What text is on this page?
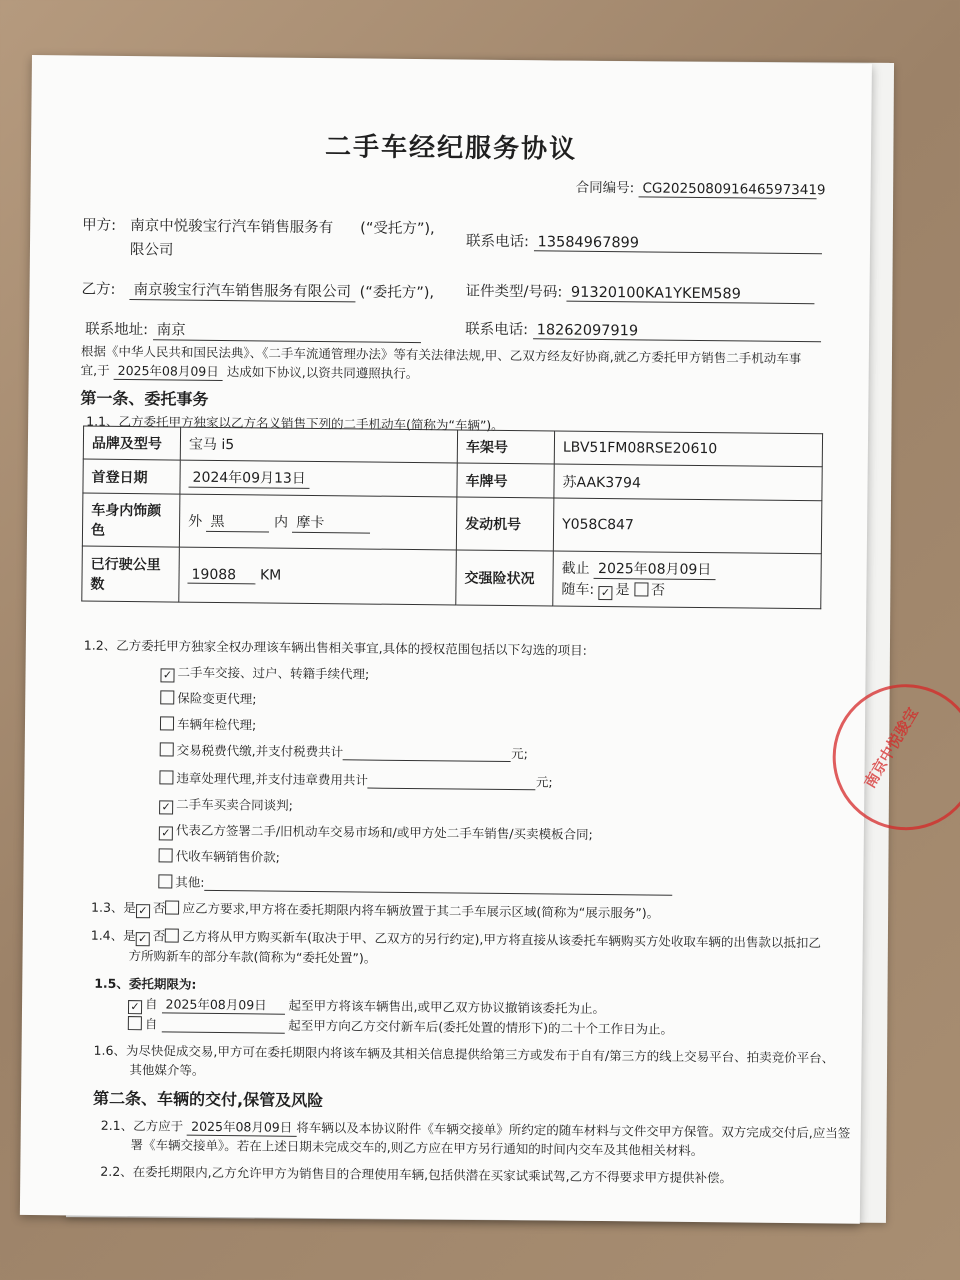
二手车经纪服务协议
合同编号: CG2025080916465973419
甲方: 南京中悦骏宝行汽车销售服务有 (“受托方”),
限公司
联系电话: 13584967899
乙方: 南京骏宝行汽车销售服务有限公司 (“委托方”), 证件类型/号码: 91320100KA1YKEM589
联系地址: 南京	联系电话: 18262097919
根据《中华人民共和国民法典》、《二手车流通管理办法》等有关法律法规,甲、乙双方经友好协商,就乙方委托甲方销售二手机动车事
宜,于 2025年08月09日 达成如下协议,以资共同遵照执行。
第一条、委托事务
1.1、乙方委托甲方独家以乙方名义销售下列的二手机动车(简称为“车辆”)。
品牌及型号	宝马 i5	车架号	LBV51FM08RSE20610
首登日期	2024年09月13日	车牌号	苏AAK3794
车身内饰颜色	外 黑 内 摩卡	发动机号	Y058C847
已行驶公里数	19088 KM	交强险状况	截止 2025年08月09日
随车: ✓ 是 否
1.2、乙方委托甲方独家全权办理该车辆出售相关事宜,具体的授权范围包括以下勾选的项目:
✓ 二手车交接、过户、转籍手续代理;
保险变更代理;
车辆年检代理;
交易税费代缴,并支付税费共计	元;
违章处理代理,并支付违章费用共计	元;
✓ 二手车买卖合同谈判;
✓ 代表乙方签署二手/旧机动车交易市场和/或甲方处二手车销售/买卖模板合同;
代收车辆销售价款;
其他:
1.3、是 ✓ 否 应乙方要求,甲方将在委托期限内将车辆放置于其二手车展示区域(简称为“展示服务”)。
1.4、是 ✓ 否 乙方将从甲方购买新车(取决于甲、乙双方的另行约定),甲方将直接从该委托车辆购买方处收取车辆的出售款以抵扣乙
方所购新车的部分车款(简称为“委托处置”)。
1.5、委托期限为:
✓ 自 2025年08月09日 起至甲方将该车辆售出,或甲乙双方协议撤销该委托为止。
自	起至甲方向乙方交付新车后(委托处置的情形下)的二十个工作日为止。
1.6、为尽快促成交易,甲方可在委托期限内将该车辆及其相关信息提供给第三方或发布于自有/第三方的线上交易平台、拍卖竞价平台、
其他媒介等。
第二条、车辆的交付,保管及风险
2.1、乙方应于 2025年08月09日 将车辆以及本协议附件《车辆交接单》所约定的随车材料与文件交甲方保管。双方完成交付后,应当签
署《车辆交接单》。若在上述日期未完成交车的,则乙方应在甲方另行通知的时间内交车及其他相关材料。
2.2、在委托期限内,乙方允许甲方为销售目的合理使用车辆,包括供潜在买家试乘试驾,乙方不得要求甲方提供补偿。
南京中悦骏宝
